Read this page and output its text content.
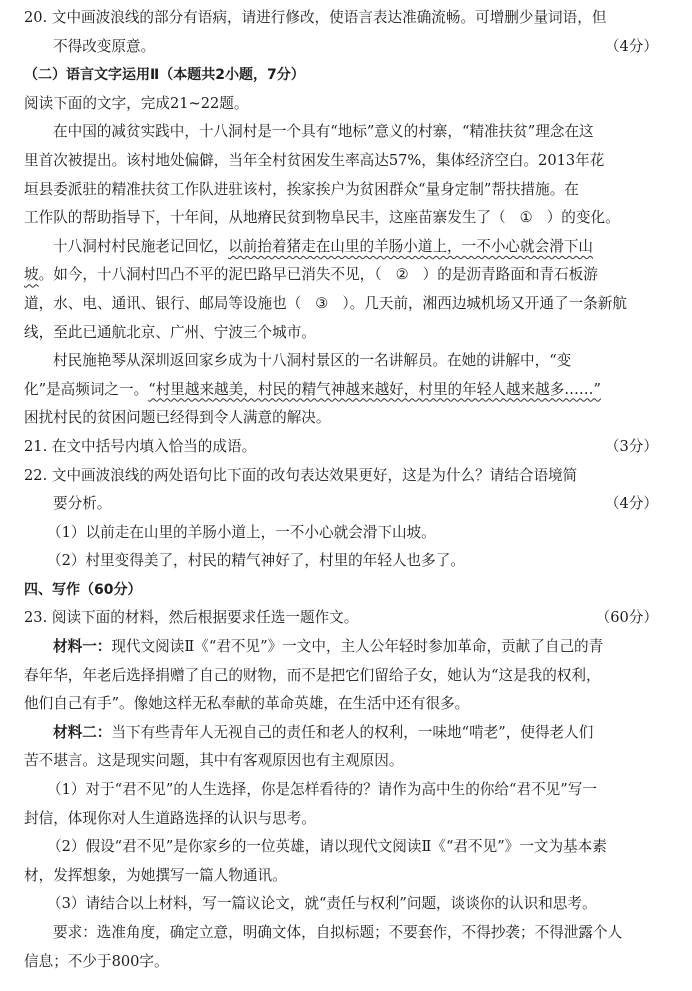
20. 文中画波浪线的部分有语病，请进行修改，使语言表达准确流畅。可增删少量词语，但
不得改变原意。	（4分）
（二）语言文字运用Ⅱ（本题共2小题，7分）
阅读下面的文字，完成21~22题。
在中国的减贫实践中，十八洞村是一个具有“地标”意义的村寨，“精准扶贫”理念在这
里首次被提出。该村地处偏僻，当年全村贫困发生率高达57%，集体经济空白。2013年花
垣县委派驻的精准扶贫工作队进驻该村，挨家挨户为贫困群众“量身定制”帮扶措施。在
工作队的帮助指导下，十年间，从地瘠民贫到物阜民丰，这座苗寨发生了（ ① ）的变化。
十八洞村村民施老记回忆，以前抬着猪走在山里的羊肠小道上，一不小心就会滑下山
坡。如今，十八洞村凹凸不平的泥巴路早已消失不见，（ ② ）的是沥青路面和青石板游
道，水、电、通讯、银行、邮局等设施也（ ③ ）。几天前，湘西边城机场又开通了一条新航
线，至此已通航北京、广州、宁波三个城市。
村民施艳琴从深圳返回家乡成为十八洞村景区的一名讲解员。在她的讲解中，“变
化”是高频词之一。“村里越来越美，村民的精气神越来越好，村里的年轻人越来越多……”
困扰村民的贫困问题已经得到令人满意的解决。
21. 在文中括号内填入恰当的成语。	（3分）
22. 文中画波浪线的两处语句比下面的改句表达效果更好，这是为什么？请结合语境简
要分析。	（4分）
（1）以前走在山里的羊肠小道上，一不小心就会滑下山坡。
（2）村里变得美了，村民的精气神好了，村里的年轻人也多了。
四、写作（60分）
23. 阅读下面的材料，然后根据要求任选一题作文。	（60分）
材料一：现代文阅读Ⅱ《“君不见”》一文中，主人公年轻时参加革命，贡献了自己的青
春年华，年老后选择捐赠了自己的财物，而不是把它们留给子女，她认为“这是我的权利，
他们自己有手”。像她这样无私奉献的革命英雄，在生活中还有很多。
材料二：当下有些青年人无视自己的责任和老人的权利，一味地“啃老”，使得老人们
苦不堪言。这是现实问题，其中有客观原因也有主观原因。
（1）对于“君不见”的人生选择，你是怎样看待的？请作为高中生的你给“君不见”写一
封信，体现你对人生道路选择的认识与思考。
（2）假设“君不见”是你家乡的一位英雄，请以现代文阅读Ⅱ《“君不见”》一文为基本素
材，发挥想象，为她撰写一篇人物通讯。
（3）请结合以上材料，写一篇议论文，就“责任与权利”问题，谈谈你的认识和思考。
要求：选准角度，确定立意，明确文体，自拟标题；不要套作，不得抄袭；不得泄露个人
信息；不少于800字。
